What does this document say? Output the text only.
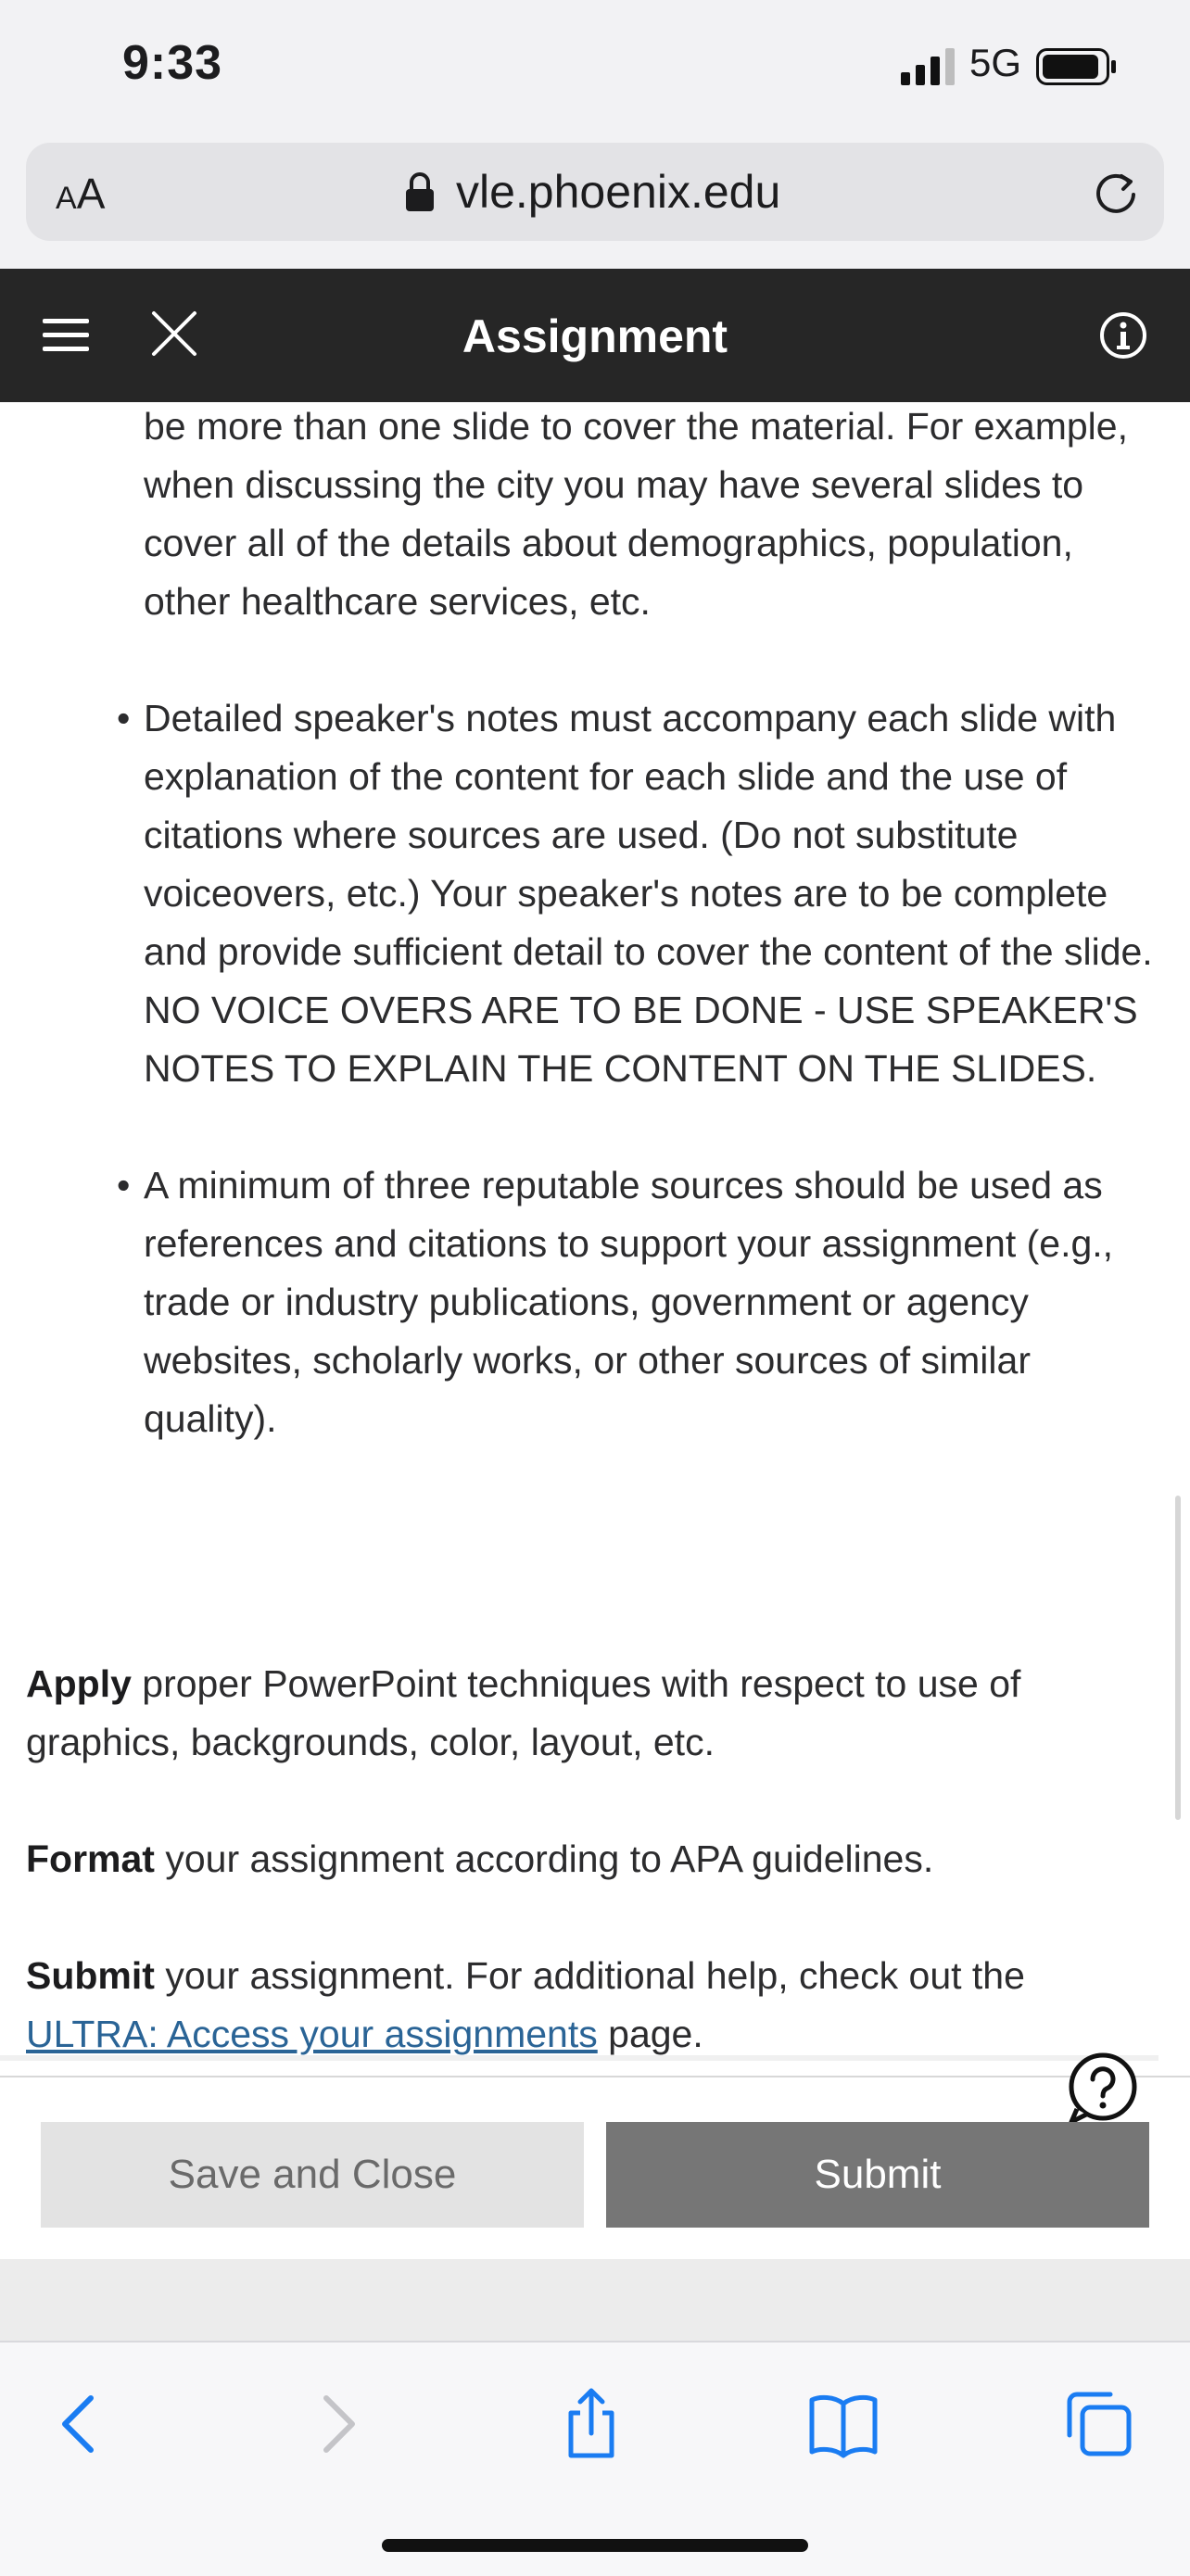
9:33	5G
AA	vle.phoenix.edu
Assignment
be more than one slide to cover the material. For example, when discussing the city you may have several slides to cover all of the details about demographics, population, other healthcare services, etc.
• Detailed speaker's notes must accompany each slide with explanation of the content for each slide and the use of citations where sources are used. (Do not substitute voiceovers, etc.) Your speaker's notes are to be complete and provide sufficient detail to cover the content of the slide. NO VOICE OVERS ARE TO BE DONE - USE SPEAKER'S NOTES TO EXPLAIN THE CONTENT ON THE SLIDES.
• A minimum of three reputable sources should be used as references and citations to support your assignment (e.g., trade or industry publications, government or agency websites, scholarly works, or other sources of similar quality).
Apply proper PowerPoint techniques with respect to use of graphics, backgrounds, color, layout, etc.
Format your assignment according to APA guidelines.
Submit your assignment. For additional help, check out the ULTRA: Access your assignments page.
Save and Close	Submit
